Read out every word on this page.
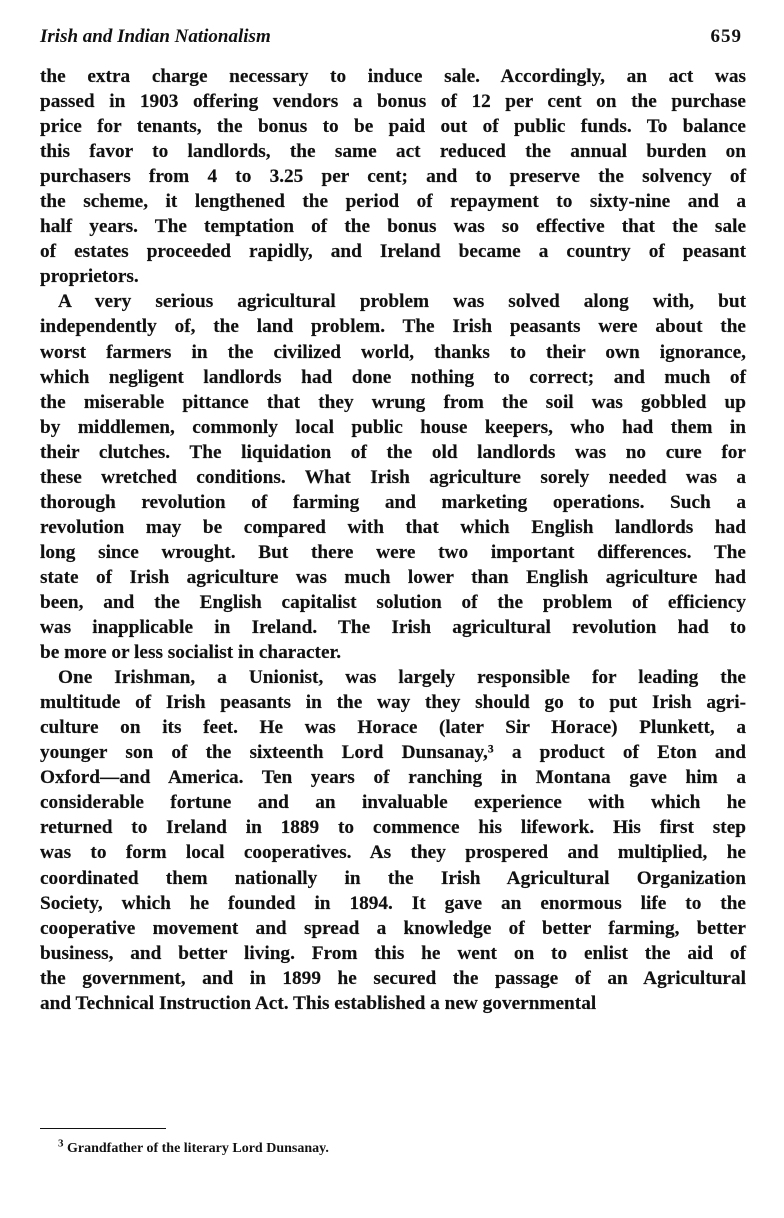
Irish and Indian Nationalism	659
the extra charge necessary to induce sale. Accordingly, an act was
passed in 1903 offering vendors a bonus of 12 per cent on the purchase
price for tenants, the bonus to be paid out of public funds. To balance
this favor to landlords, the same act reduced the annual burden on
purchasers from 4 to 3.25 per cent; and to preserve the solvency of
the scheme, it lengthened the period of repayment to sixty-nine and a
half years. The temptation of the bonus was so effective that the sale
of estates proceeded rapidly, and Ireland became a country of peasant
proprietors.
A very serious agricultural problem was solved along with, but
independently of, the land problem. The Irish peasants were about the
worst farmers in the civilized world, thanks to their own ignorance,
which negligent landlords had done nothing to correct; and much of
the miserable pittance that they wrung from the soil was gobbled up
by middlemen, commonly local public house keepers, who had them in
their clutches. The liquidation of the old landlords was no cure for
these wretched conditions. What Irish agriculture sorely needed was a
thorough revolution of farming and marketing operations. Such a
revolution may be compared with that which English landlords had
long since wrought. But there were two important differences. The
state of Irish agriculture was much lower than English agriculture had
been, and the English capitalist solution of the problem of efficiency
was inapplicable in Ireland. The Irish agricultural revolution had to
be more or less socialist in character.
One Irishman, a Unionist, was largely responsible for leading the
multitude of Irish peasants in the way they should go to put Irish agri-
culture on its feet. He was Horace (later Sir Horace) Plunkett, a
younger son of the sixteenth Lord Dunsanay,³ a product of Eton and
Oxford—and America. Ten years of ranching in Montana gave him a
considerable fortune and an invaluable experience with which he
returned to Ireland in 1889 to commence his lifework. His first step
was to form local cooperatives. As they prospered and multiplied, he
coordinated them nationally in the Irish Agricultural Organization
Society, which he founded in 1894. It gave an enormous life to the
cooperative movement and spread a knowledge of better farming, better
business, and better living. From this he went on to enlist the aid of
the government, and in 1899 he secured the passage of an Agricultural
and Technical Instruction Act. This established a new governmental
$^3$ Grandfather of the literary Lord Dunsanay.
